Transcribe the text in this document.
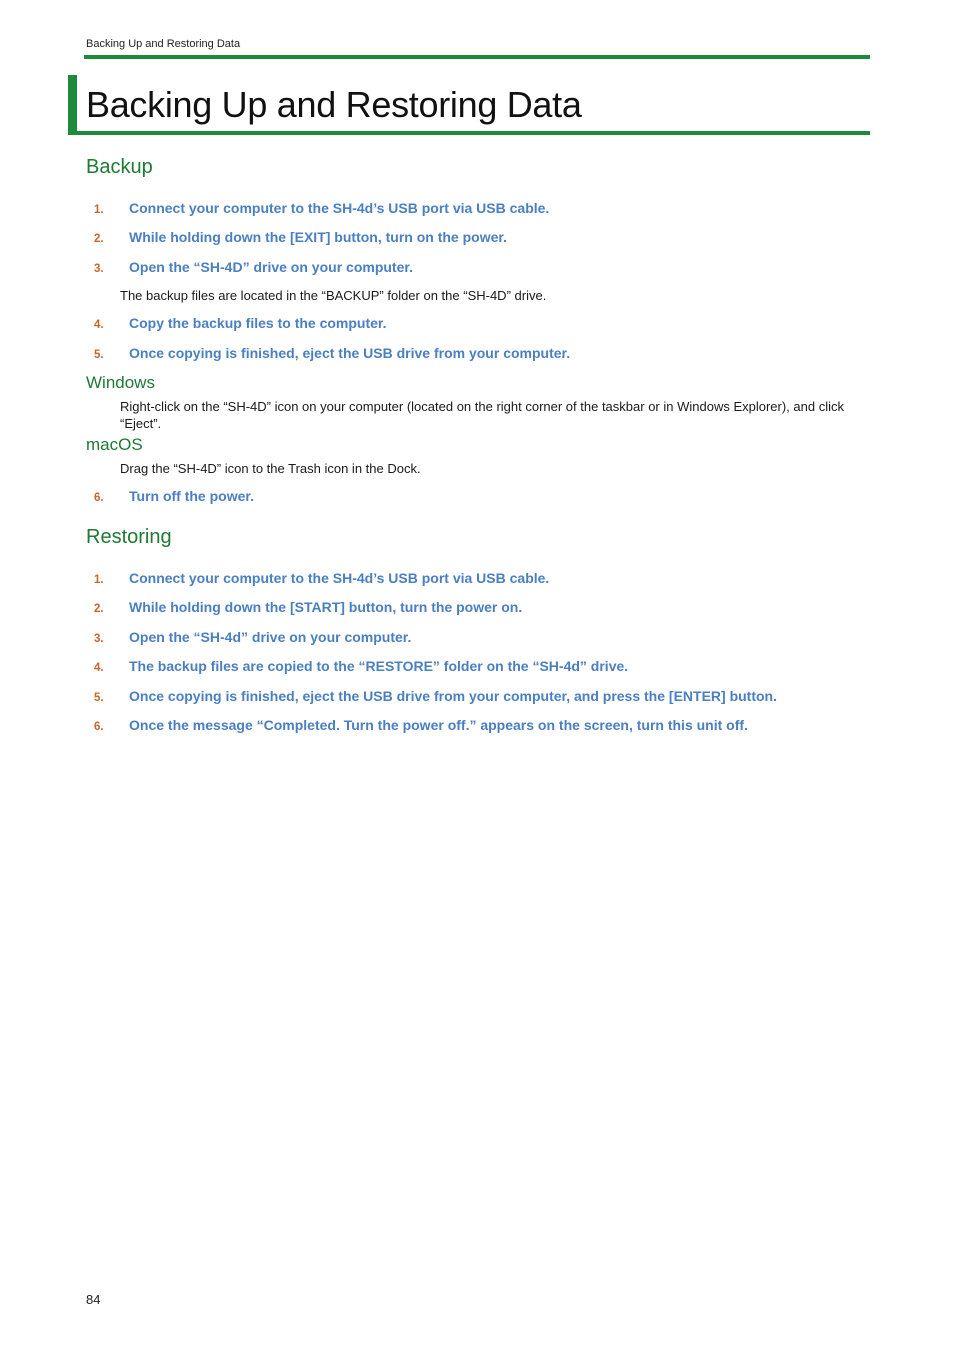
Backing Up and Restoring Data
Backing Up and Restoring Data
Backup
1.	Connect your computer to the SH-4d’s USB port via USB cable.
2.	While holding down the [EXIT] button, turn on the power.
3.	Open the “SH-4D” drive on your computer.

The backup files are located in the “BACKUP” folder on the “SH-4D” drive.

4.	Copy the backup files to the computer.
5.	Once copying is finished, eject the USB drive from your computer.
Windows

Right-click on the “SH-4D” icon on your computer (located on the right corner of the taskbar or in Windows Explorer), and click “Eject”.

macOS

Drag the “SH-4D” icon to the Trash icon in the Dock.

6.	Turn off the power.
Restoring
1.	Connect your computer to the SH-4d’s USB port via USB cable.
2.	While holding down the [START] button, turn the power on.
3.	Open the “SH-4d” drive on your computer.
4.	The backup files are copied to the “RESTORE” folder on the “SH-4d” drive.
5.	Once copying is finished, eject the USB drive from your computer, and press the [ENTER] button.
6.	Once the message “Completed. Turn the power off.” appears on the screen, turn this unit off.
84
